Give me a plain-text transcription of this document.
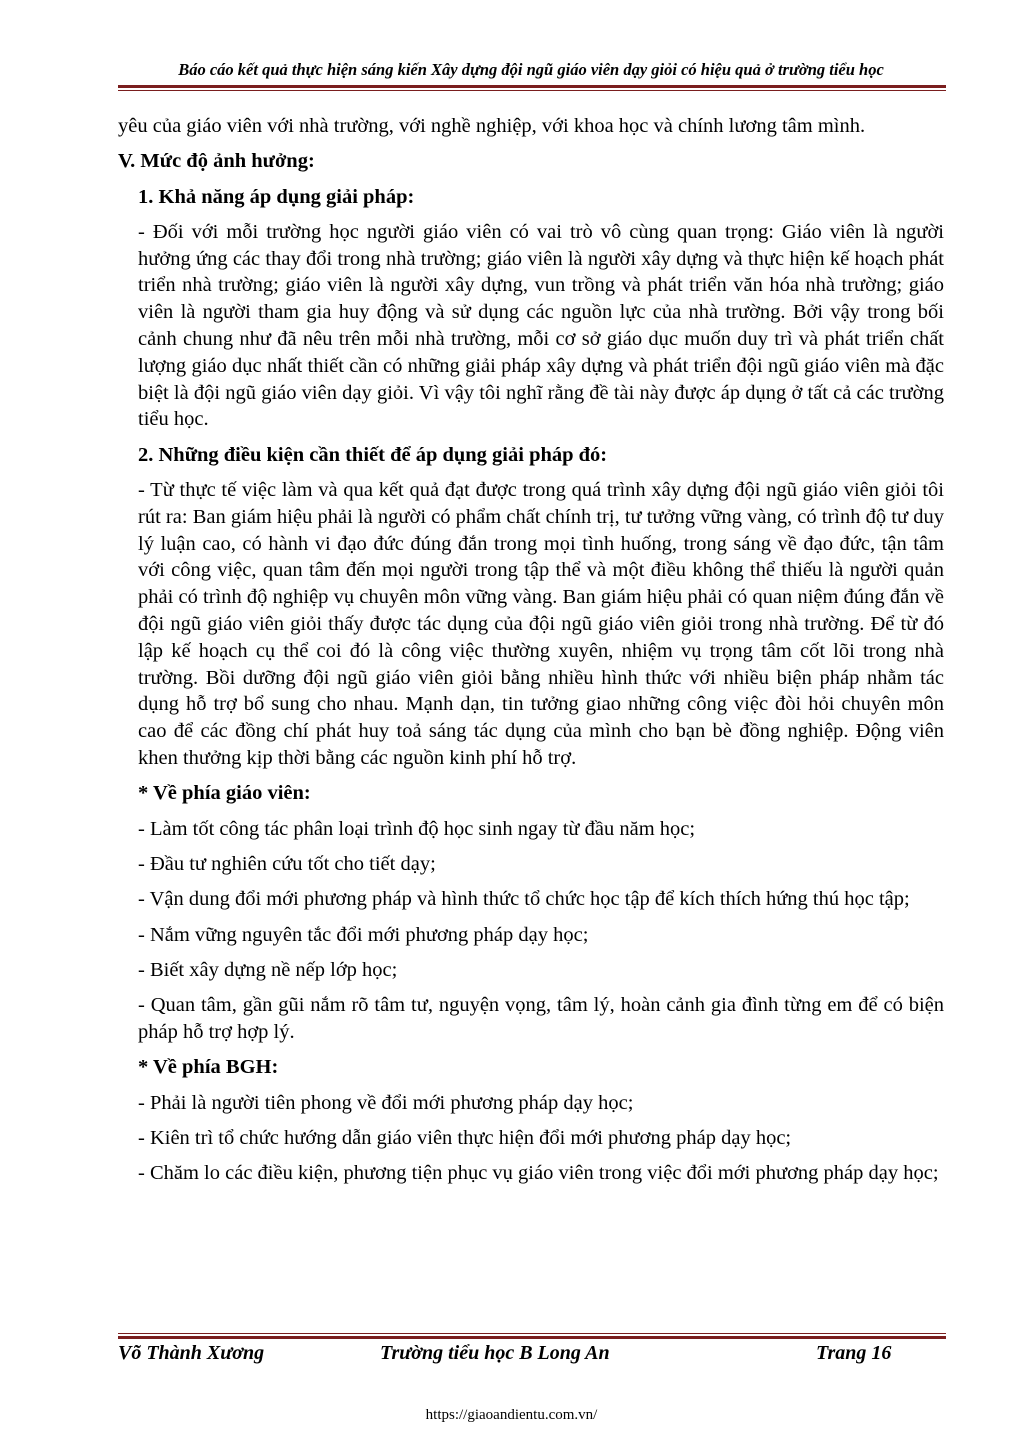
Báo cáo kết quả thực hiện sáng kiến Xây dựng đội ngũ giáo viên dạy giỏi có hiệu quả ở trường tiểu học

yêu của giáo viên với nhà trường, với nghề nghiệp, với khoa học và chính lương tâm mình.

V. Mức độ ảnh hưởng:

1. Khả năng áp dụng giải pháp:

- Đối với mỗi trường học người giáo viên có vai trò vô cùng quan trọng: Giáo viên là người hưởng ứng các thay đổi trong nhà trường; giáo viên là người xây dựng và thực hiện kế hoạch phát triển nhà trường; giáo viên là người xây dựng, vun trồng và phát triển văn hóa nhà trường; giáo viên là người tham gia huy động và sử dụng các nguồn lực của nhà trường. Bởi vậy trong bối cảnh chung như đã nêu trên mỗi nhà trường, mỗi cơ sở giáo dục muốn duy trì và phát triển chất lượng giáo dục nhất thiết cần có những giải pháp xây dựng và phát triển đội ngũ giáo viên mà đặc biệt là đội ngũ giáo viên dạy giỏi. Vì vậy tôi nghĩ rằng đề tài này được áp dụng ở tất cả các trường tiểu học.

2. Những điều kiện cần thiết để áp dụng giải pháp đó:

- Từ thực tế việc làm và qua kết quả đạt được trong quá trình xây dựng đội ngũ giáo viên giỏi tôi rút ra: Ban giám hiệu phải là người có phẩm chất chính trị, tư tưởng vững vàng, có trình độ tư duy lý luận cao, có hành vi đạo đức đúng đắn trong mọi tình huống, trong sáng về đạo đức, tận tâm với công việc, quan tâm đến mọi người trong tập thể và một điều không thể thiếu là người quản phải có trình độ nghiệp vụ chuyên môn vững vàng. Ban giám hiệu phải có quan niệm đúng đắn về đội ngũ giáo viên giỏi thấy được tác dụng của đội ngũ giáo viên giỏi trong nhà trường. Để từ đó lập kế hoạch cụ thể coi đó là công việc thường xuyên, nhiệm vụ trọng tâm cốt lõi trong nhà trường. Bồi dưỡng đội ngũ giáo viên giỏi bằng nhiều hình thức với nhiều biện pháp nhằm tác dụng hỗ trợ bổ sung cho nhau. Mạnh dạn, tin tưởng giao những công việc đòi hỏi chuyên môn cao để các đồng chí phát huy toả sáng tác dụng của mình cho bạn bè đồng nghiệp. Động viên khen thưởng kịp thời bằng các nguồn kinh phí hỗ trợ.

* Về phía giáo viên:

- Làm tốt công tác phân loại trình độ học sinh ngay từ đầu năm học;

- Đầu tư nghiên cứu tốt cho tiết dạy;

- Vận dung đổi mới phương pháp và hình thức tổ chức học tập để kích thích hứng thú học tập;

- Nắm vững nguyên tắc đổi mới phương pháp dạy học;

- Biết xây dựng nề nếp lớp học;

- Quan tâm, gần gũi nắm rõ tâm tư, nguyện vọng, tâm lý, hoàn cảnh gia đình từng em để có biện pháp hỗ trợ hợp lý.

* Về phía BGH:

- Phải là người tiên phong về đổi mới phương pháp dạy học;

- Kiên trì tổ chức hướng dẫn giáo viên thực hiện đổi mới phương pháp dạy học;

- Chăm lo các điều kiện, phương tiện phục vụ giáo viên trong việc đổi mới phương pháp dạy học;

Võ Thành Xương	Trường tiểu học B Long An	Trang 16
https://giaoandientu.com.vn/
